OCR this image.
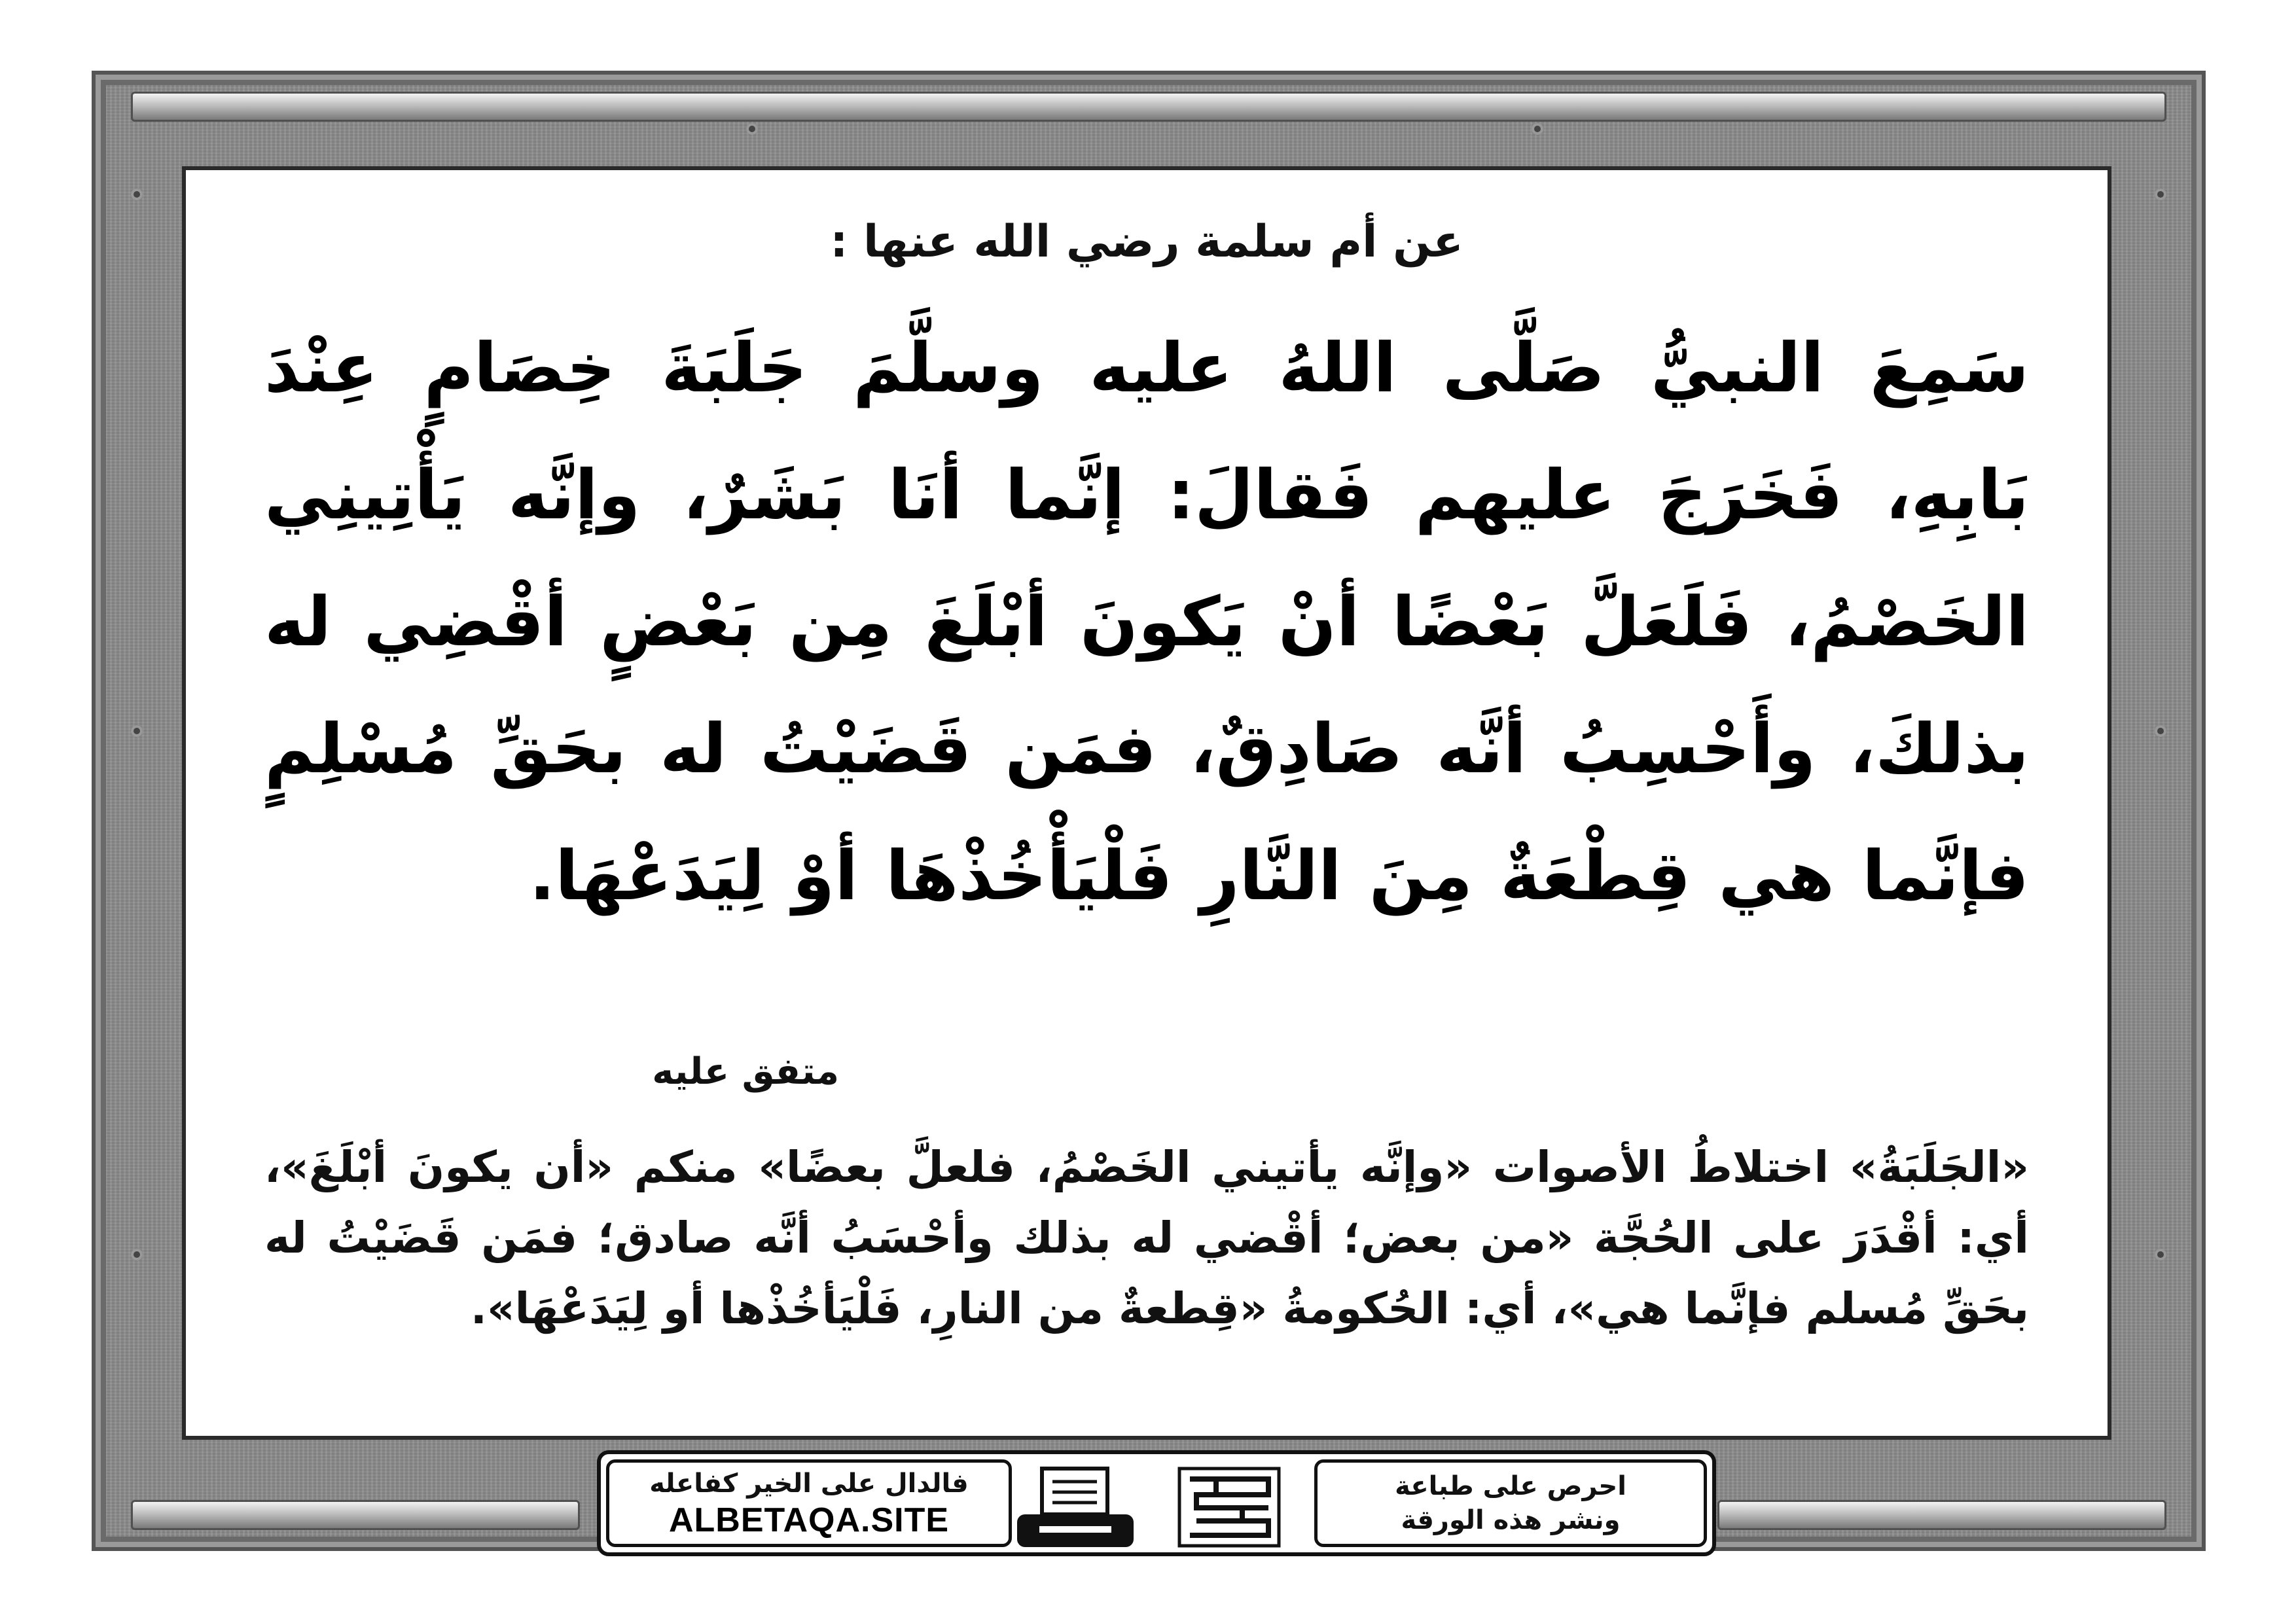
عن أم سلمة رضي الله عنها :
سَمِعَ النبيُّ صَلَّى اللهُ عليه وسلَّمَ جَلَبَةَ خِصَامٍ عِنْدَ بَابِهِ، فَخَرَجَ عليهم فَقالَ: إنَّما أنَا بَشَرٌ، وإنَّه يَأْتِينِي الخَصْمُ، فَلَعَلَّ بَعْضًا أنْ يَكونَ أبْلَغَ مِن بَعْضٍ أقْضِي له بذلكَ، وأَحْسِبُ أنَّه صَادِقٌ، فمَن قَضَيْتُ له بحَقِّ مُسْلِمٍ فإنَّما هي قِطْعَةٌ مِنَ النَّارِ فَلْيَأْخُذْهَا أوْ لِيَدَعْهَا.
متفق عليه
«الجَلَبَةُ» اختلاطُ الأصوات «وإنَّه يأتيني الخَصْمُ، فلعلَّ بعضًا» منكم «أن يكونَ أبْلَغَ»، أي: أقْدَرَ على الحُجَّة «من بعض؛ أقْضي له بذلك وأحْسَبُ أنَّه صادق؛ فمَن قَضَيْتُ له بحَقِّ مُسلم فإنَّما هي»، أي: الحُكومةُ «قِطعةٌ من النارِ، فَلْيَأخُذْها أو لِيَدَعْهَا».
احرص على طباعة
ونشر هذه الورقة
فالدال على الخير كفاعله
ALBETAQA.SITE
